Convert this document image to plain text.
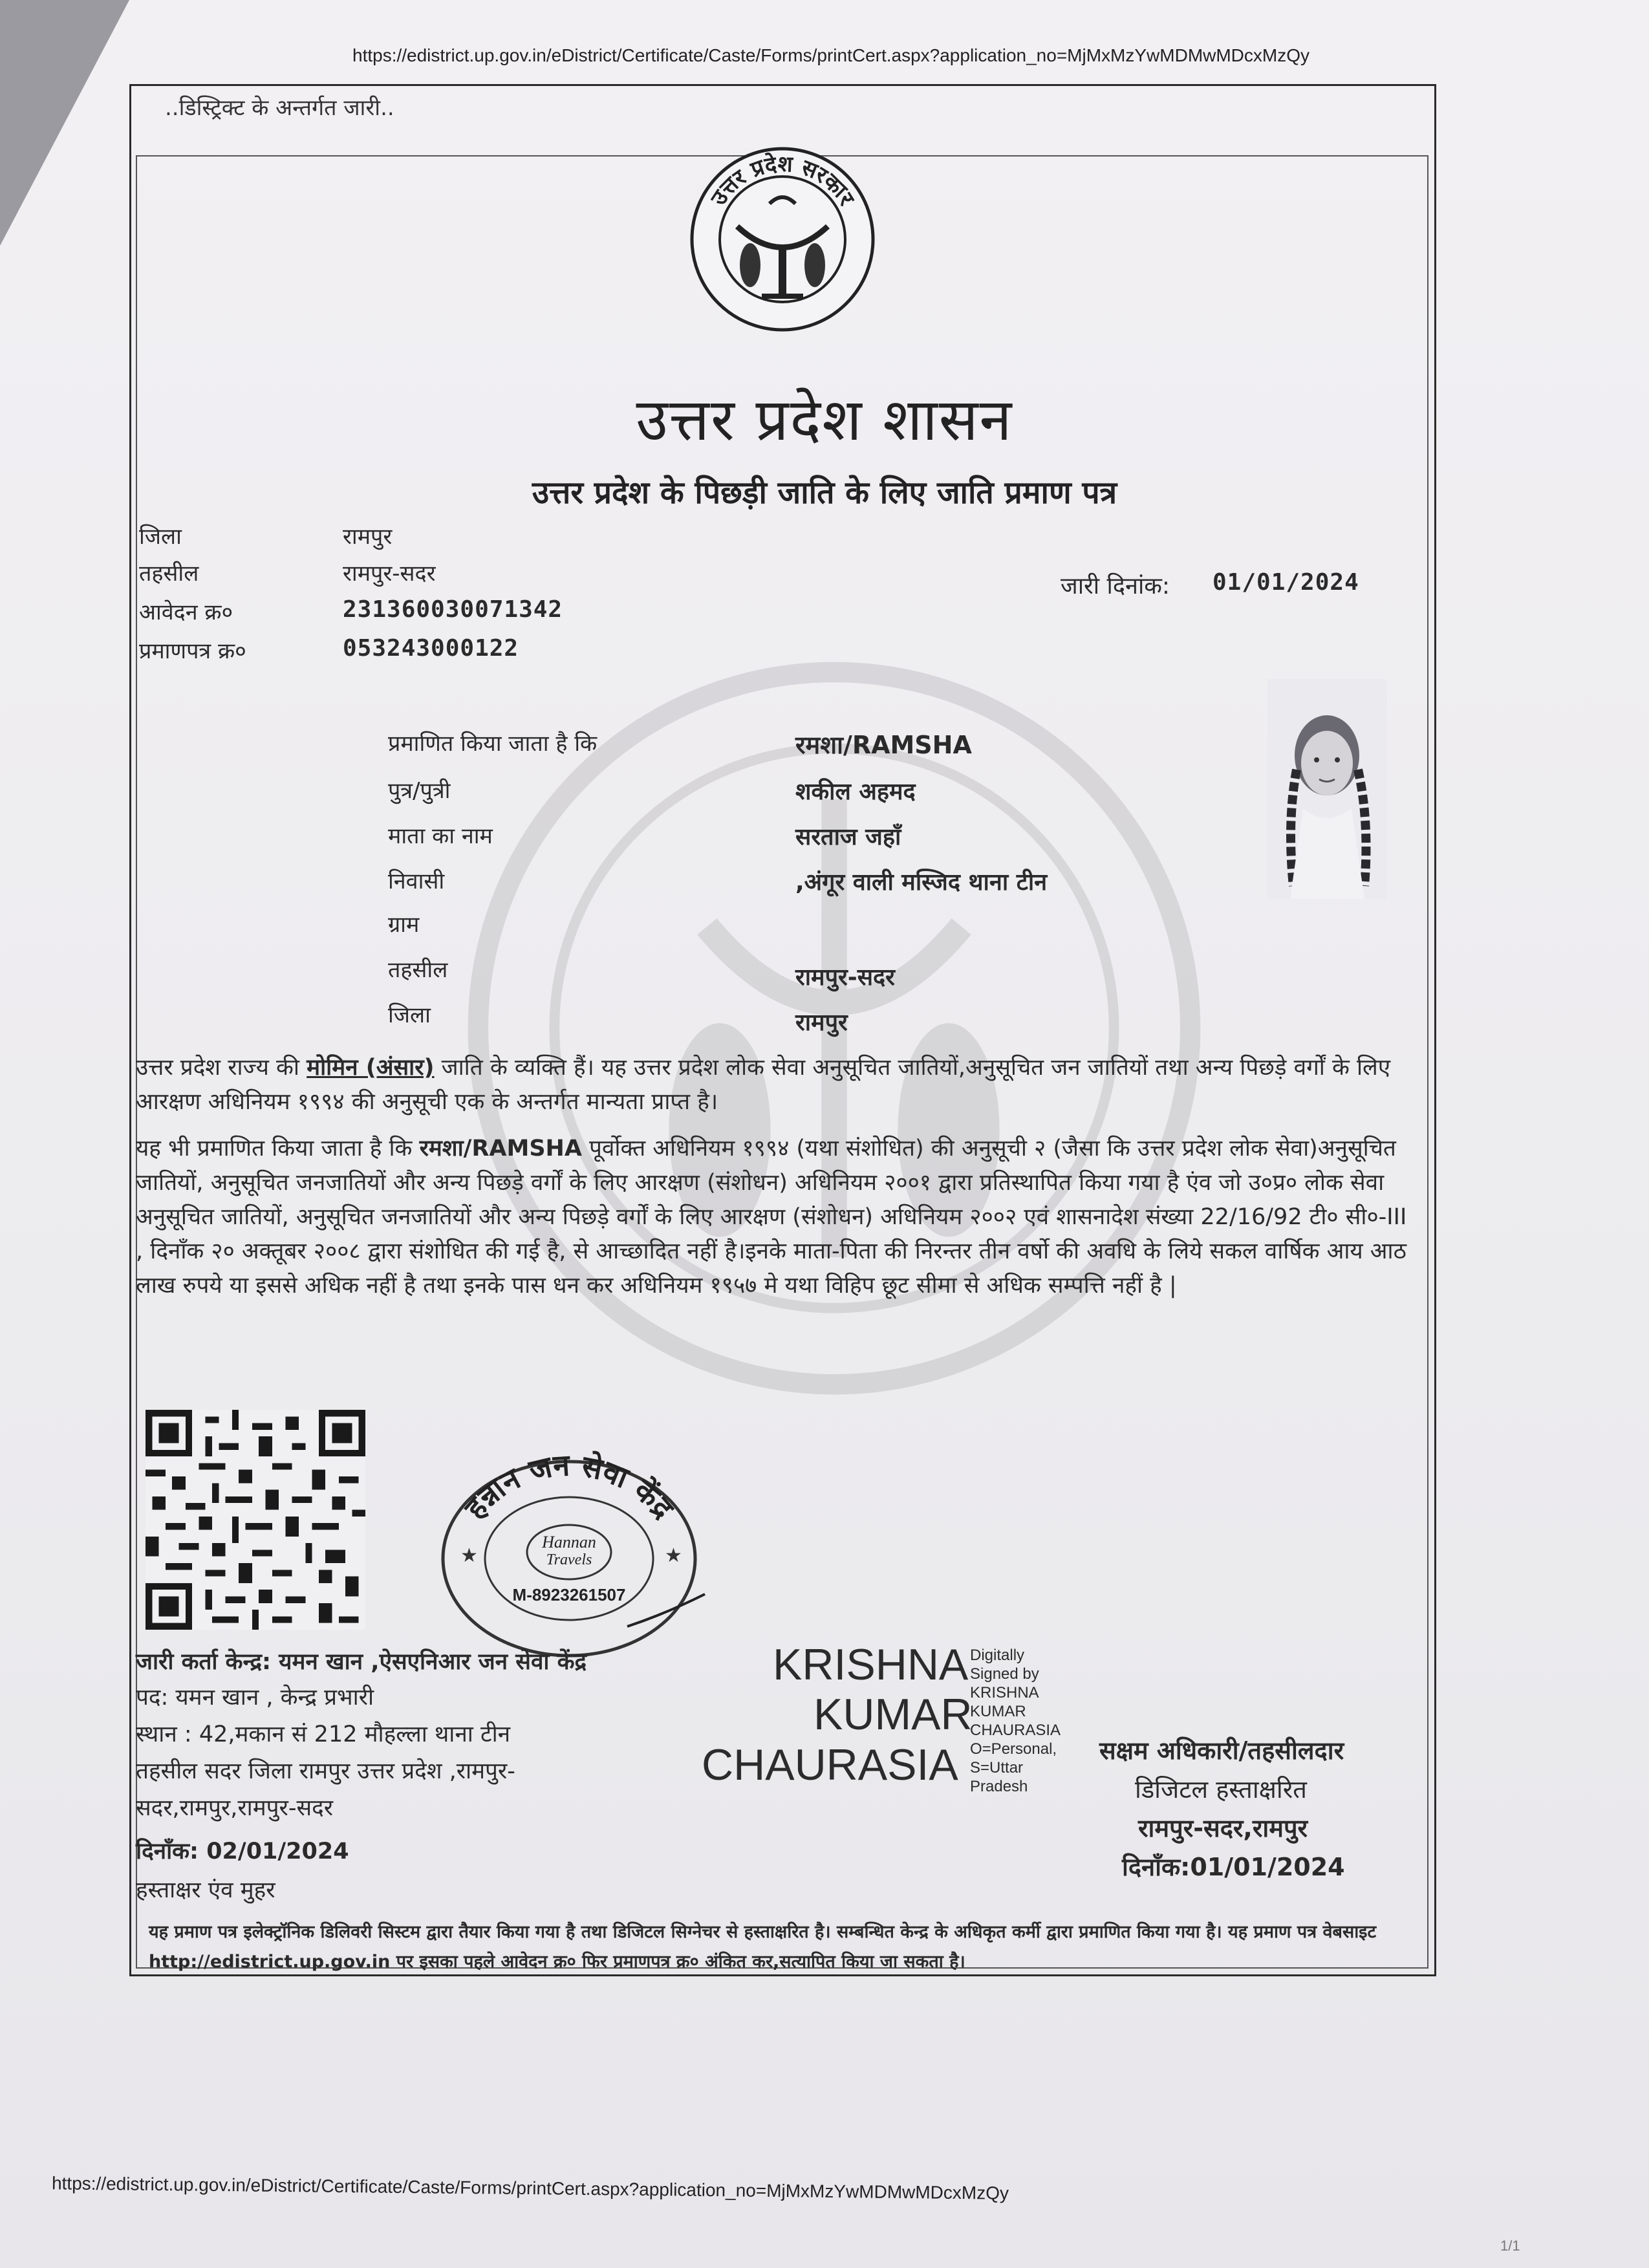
https://edistrict.up.gov.in/eDistrict/Certificate/Caste/Forms/printCert.aspx?application_no=MjMxMzYwMDMwMDcxMzQy
..डिस्ट्रिक्ट के अन्तर्गत जारी..
उत्तर प्रदेश सरकार
उत्तर प्रदेश शासन
उत्तर प्रदेश के पिछड़ी जाति के लिए जाति प्रमाण पत्र
जिला	रामपुर
तहसील	रामपुर-सदर
आवेदन क्र०	231360030071342
प्रमाणपत्र क्र०	053243000122
जारी दिनांक: 01/01/2024
प्रमाणित किया जाता है कि	रमशा/RAMSHA
पुत्र/पुत्री	शकील अहमद
माता का नाम	सरताज जहाँ
निवासी	,अंगूर वाली मस्जिद थाना टीन
ग्राम
तहसील	रामपुर-सदर
जिला	रामपुर
उत्तर प्रदेश राज्य की मोमिन (अंसार) जाति के व्यक्ति हैं। यह उत्तर प्रदेश लोक सेवा अनुसूचित जातियों,अनुसूचित जन जातियों तथा अन्य पिछड़े वर्गों के लिए आरक्षण अधिनियम १९९४ की अनुसूची एक के अन्तर्गत मान्यता प्राप्त है।
यह भी प्रमाणित किया जाता है कि रमशा/RAMSHA पूर्वोक्त अधिनियम १९९४ (यथा संशोधित) की अनुसूची २ (जैसा कि उत्तर प्रदेश लोक सेवा)अनुसूचित जातियों, अनुसूचित जनजातियों और अन्य पिछड़े वर्गों के लिए आरक्षण (संशोधन) अधिनियम २००१ द्वारा प्रतिस्थापित किया गया है एंव जो उ०प्र० लोक सेवा अनुसूचित जातियों, अनुसूचित जनजातियों और अन्य पिछड़े वर्गों के लिए आरक्षण (संशोधन) अधिनियम २००२ एवं शासनादेश संख्या 22/16/92 टी० सी०-III , दिनाँक २० अक्तूबर २००८ द्वारा संशोधित की गई है, से आच्छादित नहीं है।इनके माता-पिता की निरन्तर तीन वर्षो की अवधि के लिये सकल वार्षिक आय आठ लाख रुपये या इससे अधिक नहीं है तथा इनके पास धन कर अधिनियम १९५७ मे यथा विहिप छूट सीमा से अधिक सम्पत्ति नहीं है |
हन्नान जन सेवा केंद्र
★	★
Hannan
Travels
M-8923261507
जारी कर्ता केन्द्र: यमन खान ,ऐसएनिआर जन सेवा केंद्र
पद: यमन खान , केन्द्र प्रभारी
स्थान : 42,मकान सं 212 मौहल्ला थाना टीन
तहसील सदर जिला रामपुर उत्तर प्रदेश ,रामपुर-
सदर,रामपुर,रामपुर-सदर
दिनाँक: 02/01/2024
हस्ताक्षर एंव मुहर
KRISHNA
KUMAR
CHAURASIA
Digitally
Signed by
KRISHNA
KUMAR
CHAURASIA
O=Personal,
S=Uttar
Pradesh
सक्षम अधिकारी/तहसीलदार
डिजिटल हस्ताक्षरित
रामपुर-सदर,रामपुर
दिनाँक:01/01/2024
यह प्रमाण पत्र इलेक्ट्रॉनिक डिलिवरी सिस्टम द्वारा तैयार किया गया है तथा डिजिटल सिग्नेचर से हस्ताक्षरित है। सम्बन्धित केन्द्र के अधिकृत कर्मी द्वारा प्रमाणित किया गया है। यह प्रमाण पत्र वेबसाइट http://edistrict.up.gov.in पर इसका पहले आवेदन क्र० फिर प्रमाणपत्र क्र० अंकित कर,सत्यापित किया जा सकता है।
https://edistrict.up.gov.in/eDistrict/Certificate/Caste/Forms/printCert.aspx?application_no=MjMxMzYwMDMwMDcxMzQy
1/1
